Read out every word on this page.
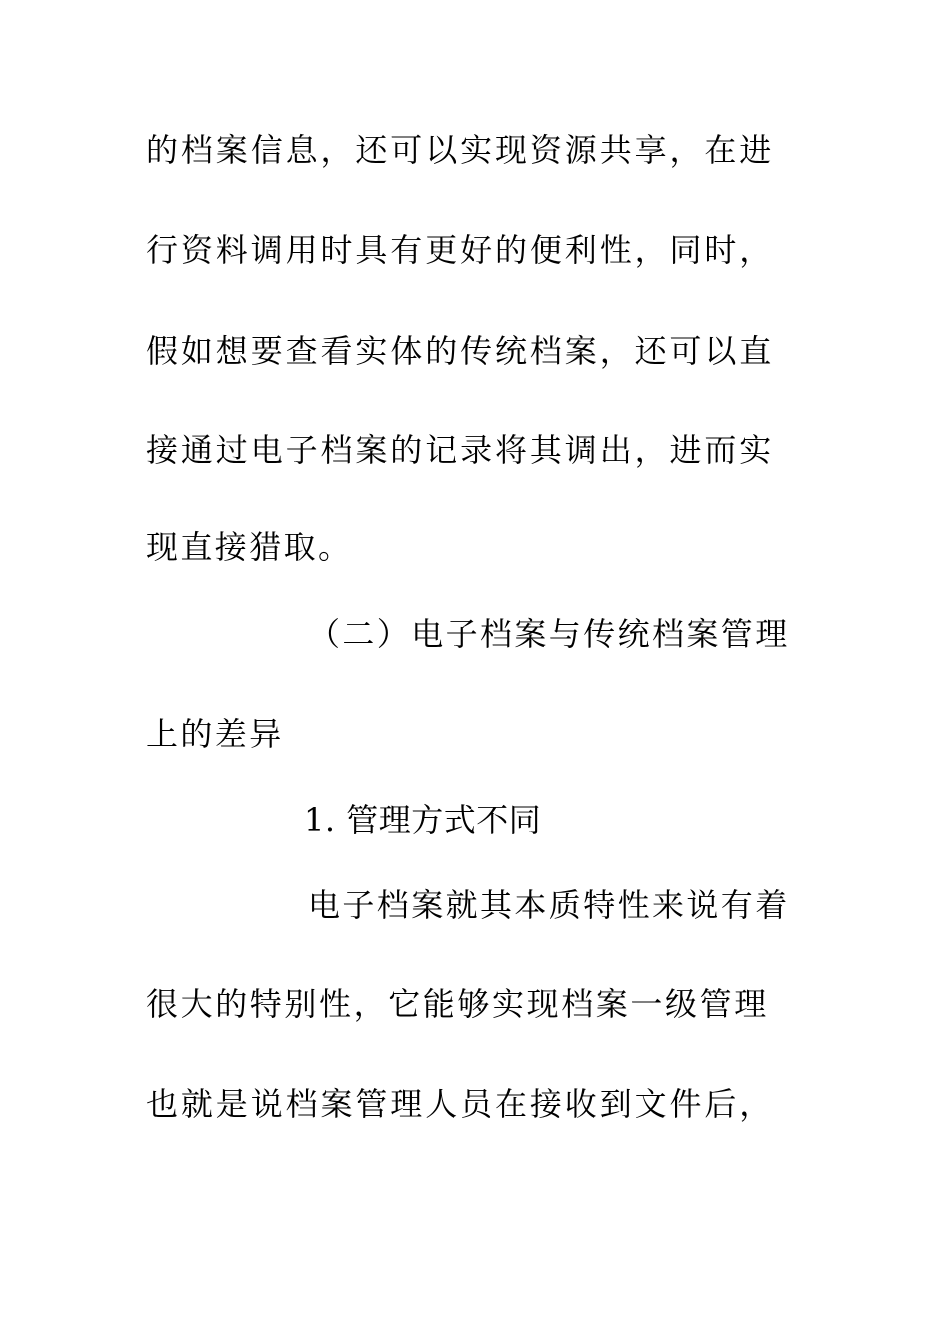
的档案信息，还可以实现资源共享，在进
行资料调用时具有更好的便利性，同时，
假如想要查看实体的传统档案，还可以直
接通过电子档案的记录将其调出，进而实
现直接猎取。
（二）电子档案与传统档案管理
上的差异
1. 管理方式不同
电子档案就其本质特性来说有着
很大的特别性，它能够实现档案一级管理
也就是说档案管理人员在接收到文件后，
